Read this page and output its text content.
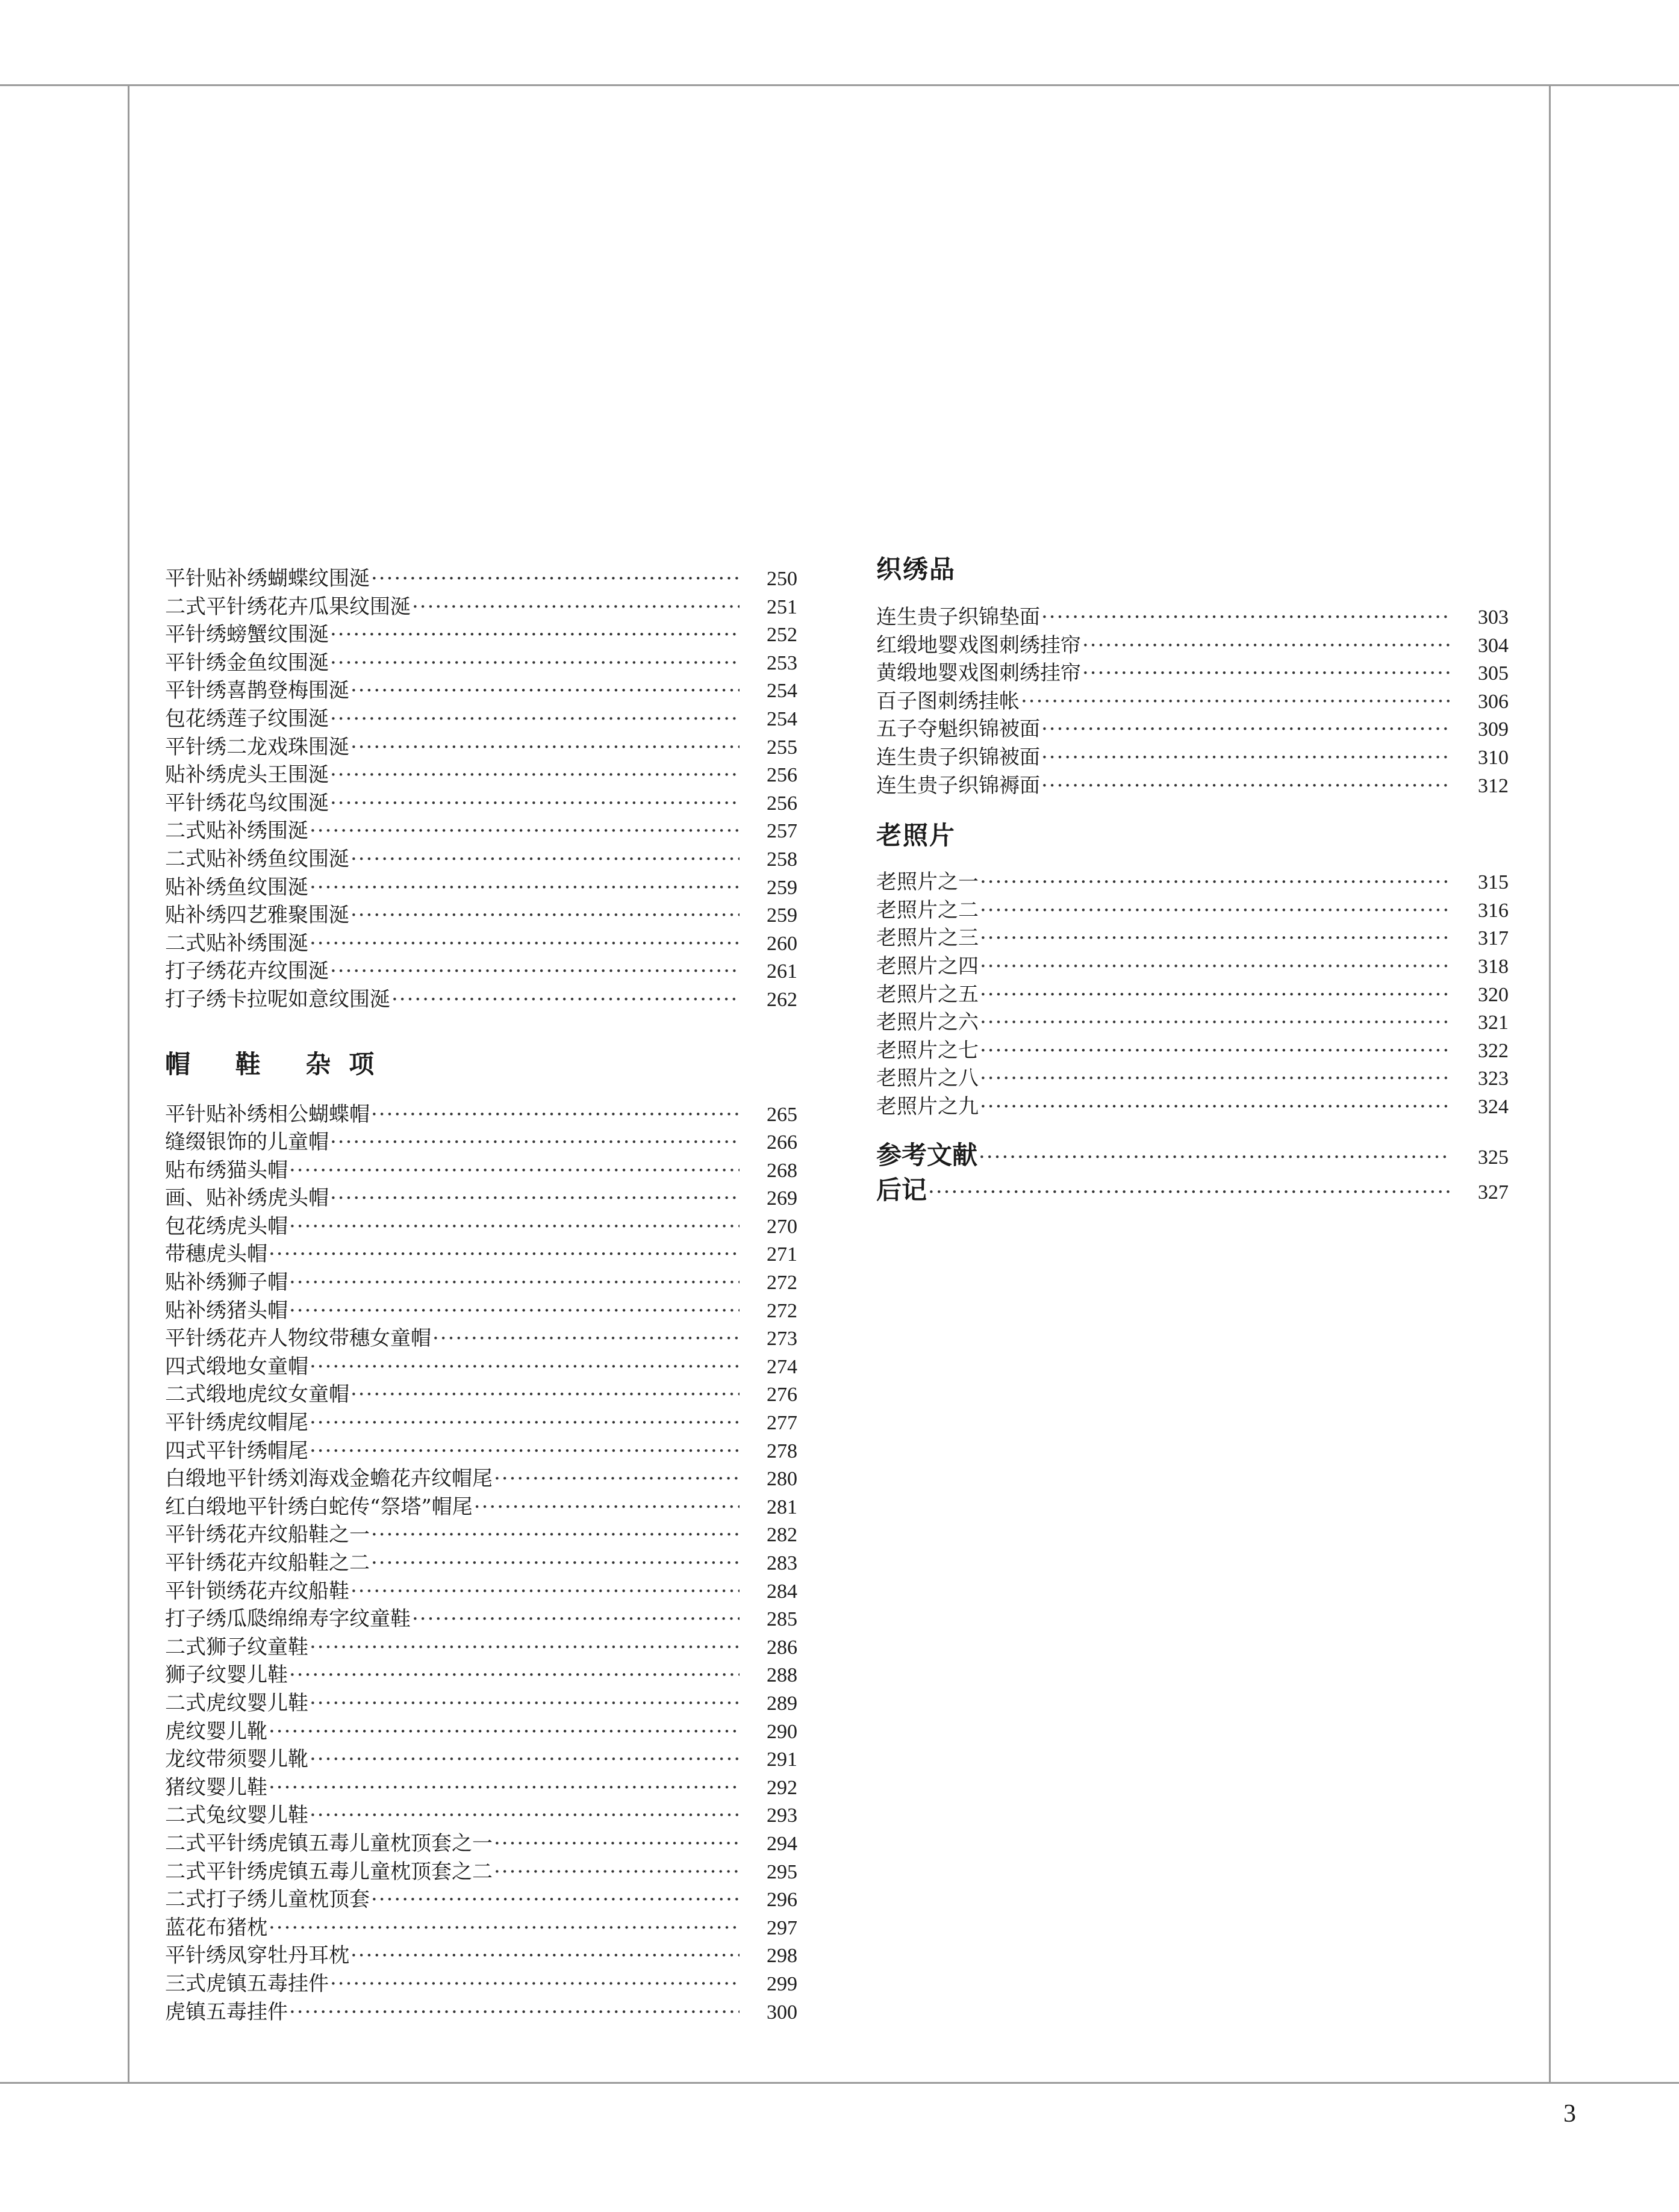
平针贴补绣蝴蝶纹围涎 ·····	250
二式平针绣花卉瓜果纹围涎 ·····	251
平针绣螃蟹纹围涎 ·····	252
平针绣金鱼纹围涎 ·····	253
平针绣喜鹊登梅围涎 ·····	254
包花绣莲子纹围涎 ·····	254
平针绣二龙戏珠围涎 ·····	255
贴补绣虎头王围涎 ·····	256
平针绣花鸟纹围涎 ·····	256
二式贴补绣围涎 ·····	257
二式贴补绣鱼纹围涎 ·····	258
贴补绣鱼纹围涎 ·····	259
贴补绣四艺雅聚围涎 ·····	259
二式贴补绣围涎 ·····	260
打子绣花卉纹围涎 ·····	261
打子绣卡拉呢如意纹围涎 ·····	262
帽 鞋 杂项
平针贴补绣相公蝴蝶帽 ·····	265
缝缀银饰的儿童帽 ·····	266
贴布绣猫头帽 ·····	268
画、贴补绣虎头帽 ·····	269
包花绣虎头帽 ·····	270
带穗虎头帽 ·····	271
贴补绣狮子帽 ·····	272
贴补绣猪头帽 ·····	272
平针绣花卉人物纹带穗女童帽 ·····	273
四式缎地女童帽 ·····	274
二式缎地虎纹女童帽 ·····	276
平针绣虎纹帽尾 ·····	277
四式平针绣帽尾 ·····	278
白缎地平针绣刘海戏金蟾花卉纹帽尾 ·····	280
红白缎地平针绣白蛇传“祭塔”帽尾 ·····	281
平针绣花卉纹船鞋之一 ·····	282
平针绣花卉纹船鞋之二 ·····	283
平针锁绣花卉纹船鞋 ·····	284
打子绣瓜瓞绵绵寿字纹童鞋 ·····	285
二式狮子纹童鞋 ·····	286
狮子纹婴儿鞋 ·····	288
二式虎纹婴儿鞋 ·····	289
虎纹婴儿靴 ·····	290
龙纹带须婴儿靴 ·····	291
猪纹婴儿鞋 ·····	292
二式兔纹婴儿鞋 ·····	293
二式平针绣虎镇五毒儿童枕顶套之一 ·····	294
二式平针绣虎镇五毒儿童枕顶套之二 ·····	295
二式打子绣儿童枕顶套 ·····	296
蓝花布猪枕 ·····	297
平针绣凤穿牡丹耳枕 ·····	298
三式虎镇五毒挂件 ·····	299
虎镇五毒挂件 ·····	300
织绣品
连生贵子织锦垫面 ·····	303
红缎地婴戏图刺绣挂帘 ·····	304
黄缎地婴戏图刺绣挂帘 ·····	305
百子图刺绣挂帐 ·····	306
五子夺魁织锦被面 ·····	309
连生贵子织锦被面 ·····	310
连生贵子织锦褥面 ·····	312
老照片
老照片之一 ·····	315
老照片之二 ·····	316
老照片之三 ·····	317
老照片之四 ·····	318
老照片之五 ·····	320
老照片之六 ·····	321
老照片之七 ·····	322
老照片之八 ·····	323
老照片之九 ·····	324
参考文献 ·····	325
后记 ·····	327
3
